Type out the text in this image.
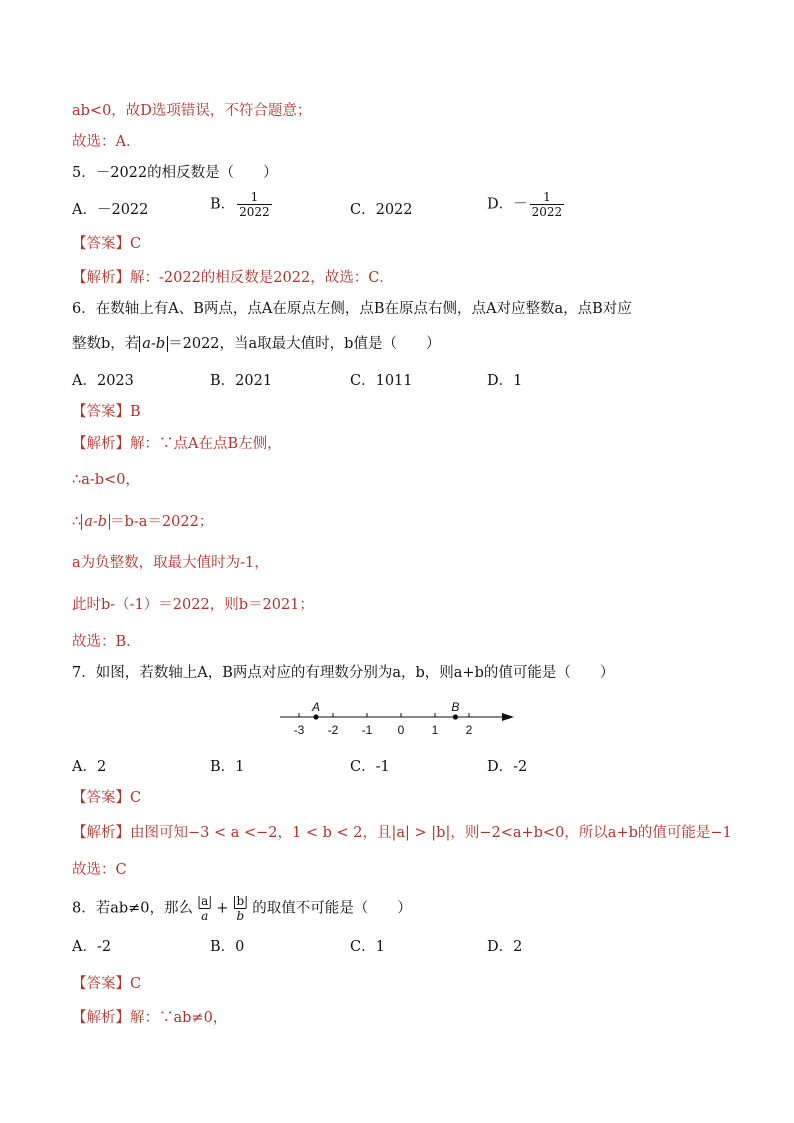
ab<0，故D选项错误，不符合题意；
故选：A．
5．－2022的相反数是（　　）
A．－2022	B． $\frac{1}{2022}$	C．2022	D．－ $\frac{1}{2022}$
【答案】C
【解析】解：-2022的相反数是2022，故选：C．
6．在数轴上有A、B两点，点A在原点左侧，点B在原点右侧，点A对应整数a，点B对应
整数b，若 a-b ＝2022，当a取最大值时，b值是（　　）
A．2023	B．2021	C．1011	D．1
【答案】B
【解析】解：∵点A在点B左侧，
∴a-b<0，
∴ a-b ＝b-a＝2022；
a为负整数，取最大值时为-1，
此时b-（-1）＝2022，则b＝2021；
故选：B．
7．如图，若数轴上A，B两点对应的有理数分别为a，b，则a+b的值可能是（　　）
-3 -2 -1 0 1 2
A	B
A．2	B．1	C．-1	D．-2
【答案】C
【解析】由图可知−3 < a <−2，1 < b < 2，且|a| > |b|，则−2<a+b<0，所以a+b的值可能是−1
故选：C
8．若ab≠0，那么 $\frac{|a|}{a} + \frac{|b|}{b}$ 的取值不可能是（　　）
A．-2	B．0	C．1	D．2
【答案】C
【解析】解：∵ab≠0，
